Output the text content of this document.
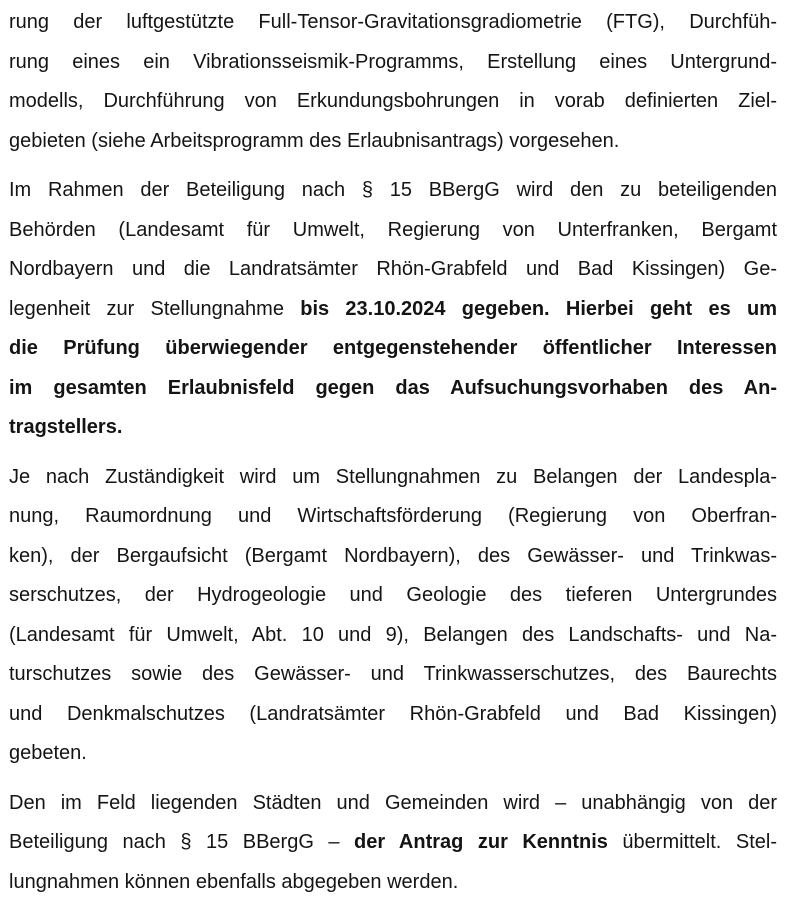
rung der luftgestützte Full-Tensor-Gravitationsgradiometrie (FTG), Durchfüh-
rung eines ein Vibrationsseismik-Programms, Erstellung eines Untergrund-
modells, Durchführung von Erkundungsbohrungen in vorab definierten Ziel-
gebieten (siehe Arbeitsprogramm des Erlaubnisantrags) vorgesehen.

Im Rahmen der Beteiligung nach § 15 BBergG wird den zu beteiligenden
Behörden (Landesamt für Umwelt, Regierung von Unterfranken, Bergamt
Nordbayern und die Landratsämter Rhön-Grabfeld und Bad Kissingen) Ge-
legenheit zur Stellungnahme bis 23.10.2024 gegeben. Hierbei geht es um
die Prüfung überwiegender entgegenstehender öffentlicher Interessen
im gesamten Erlaubnisfeld gegen das Aufsuchungsvorhaben des An-
tragstellers.

Je nach Zuständigkeit wird um Stellungnahmen zu Belangen der Landespla-
nung, Raumordnung und Wirtschaftsförderung (Regierung von Oberfran-
ken), der Bergaufsicht (Bergamt Nordbayern), des Gewässer- und Trinkwas-
serschutzes, der Hydrogeologie und Geologie des tieferen Untergrundes
(Landesamt für Umwelt, Abt. 10 und 9), Belangen des Landschafts- und Na-
turschutzes sowie des Gewässer- und Trinkwasserschutzes, des Baurechts
und Denkmalschutzes (Landratsämter Rhön-Grabfeld und Bad Kissingen)
gebeten.

Den im Feld liegenden Städten und Gemeinden wird – unabhängig von der
Beteiligung nach § 15 BBergG – der Antrag zur Kenntnis übermittelt. Stel-
lungnahmen können ebenfalls abgegeben werden.
